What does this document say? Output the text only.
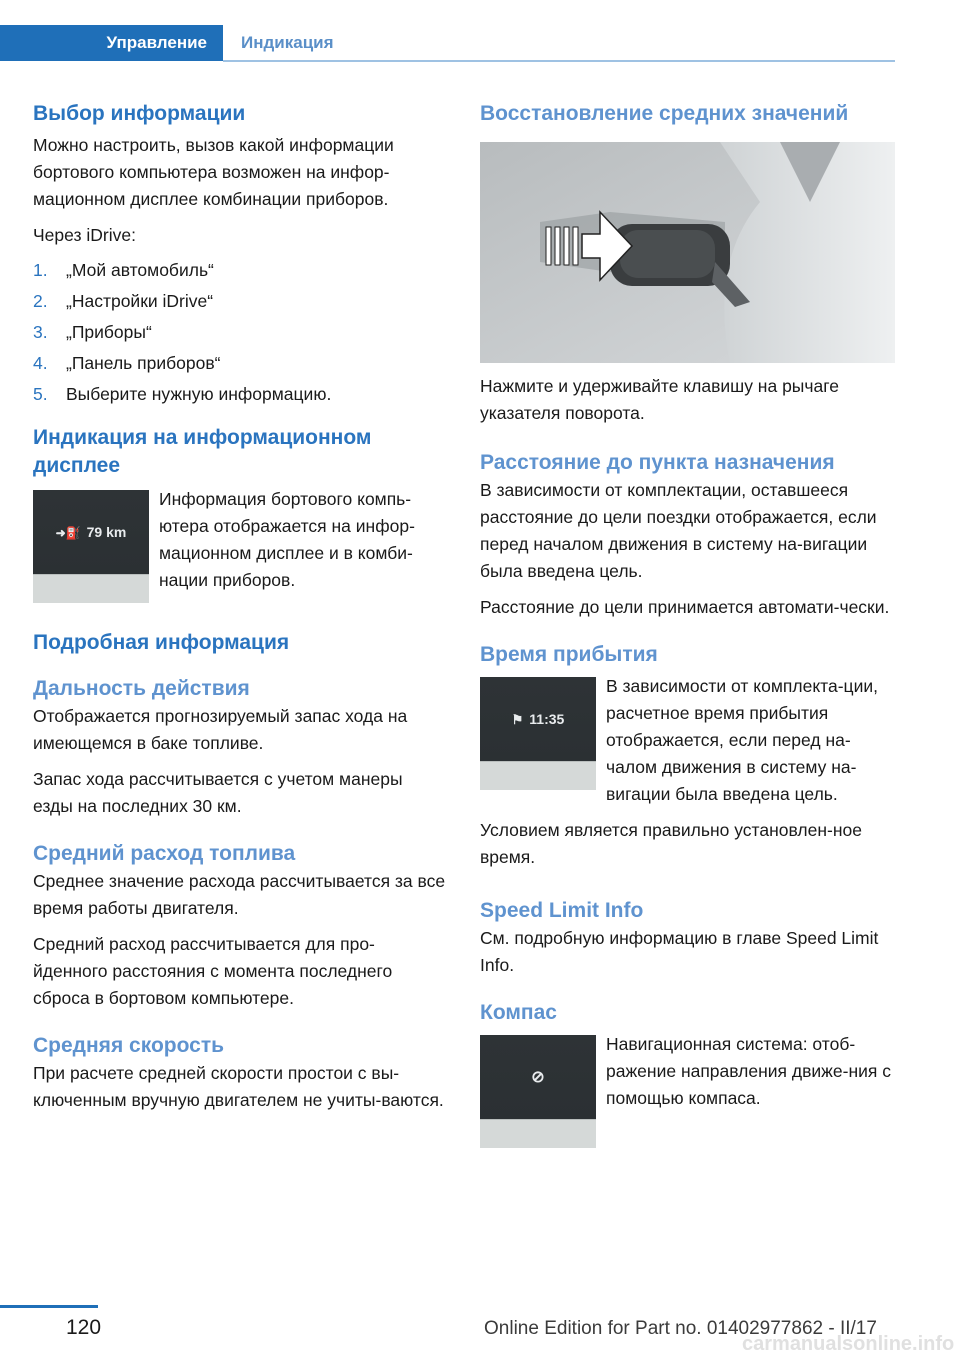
Управление	Индикация
Выбор информации

Можно настроить, вызов какой информации бортового компьютера возможен на инфор-мационном дисплее комбинации приборов.

Через iDrive:

1. „Мой автомобиль“
2. „Настройки iDrive“
3. „Приборы“
4. „Панель приборов“
5. Выберите нужную информацию.
Индикация на информационном дисплее
➜⛽ 79 km

Информация бортового компь-ютера отображается на инфор-мационном дисплее и в комби-нации приборов.

Подробная информация
Дальность действия

Отображается прогнозируемый запас хода на имеющемся в баке топливе.

Запас хода рассчитывается с учетом манеры езды на последних 30 км.

Средний расход топлива

Среднее значение расхода рассчитывается за все время работы двигателя.

Средний расход рассчитывается для про-йденного расстояния с момента последнего сброса в бортовом компьютере.

Средняя скорость

При расчете средней скорости простои с вы-ключенным вручную двигателем не учиты-ваются.

Восстановление средних значений

Нажмите и удерживайте клавишу на рычаге указателя поворота.

Расстояние до пункта назначения

В зависимости от комплектации, оставшееся расстояние до цели поездки отображается, если перед началом движения в систему на-вигации была введена цель.

Расстояние до цели принимается автомати-чески.

Время прибытия
⚑ 11:35

В зависимости от комплекта-ции, расчетное время прибытия отображается, если перед на-чалом движения в систему на-вигации была введена цель.

Условием является правильно установлен-ное время.

Speed Limit Info

См. подробную информацию в главе Speed Limit Info.

Компас
⊘

Навигационная система: отоб-ражение направления движе-ния с помощью компаса.

120	Online Edition for Part no. 01402977862 - II/17
carmanualsonline.info
